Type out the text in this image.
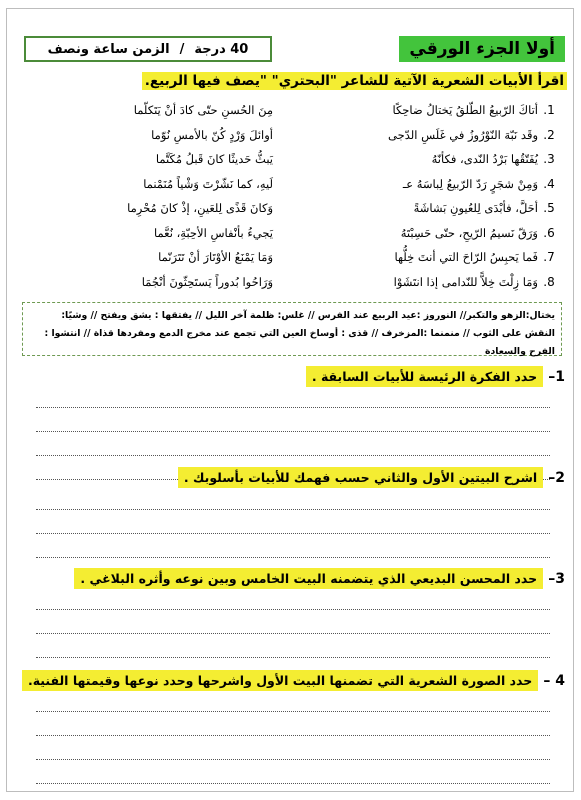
أولا الجزء الورقي
40 درجة
/
الزمن ساعة ونصف
اقرأ الأبيات الشعرية الآتية للشاعر "البحتري" "يصف فيها الربيع.
1.
أتاكَ الرّبيعُ الطّلقُ يَختالُ ضاحِكًا
مِنَ الحُسنِ حتّى كادَ أنْ يَتَكلّما
2.
وقَد نَبّهَ النّوْرُوزُ في غَلَسِ الدّجى
أوائلَ وَرْدٍ كُنّ بالأمسِ نُوّما
3.
يُفَتّقُها بَرْدُ النّدى، فكأنّهُ
يَبثُّ حَديثًا كانَ قَبلُ مُكَتَّما
4.
وَمِنْ شجَرٍ رَدّ الرّبيعُ لِباسَهُ عـ
لَيهِ، كما نَشّرْتَ وَشْياً مُنَمْنما
5.
أحَلَّ، فأبْدَى لِلعُيونِ بَشاشَةً
وَكانَ قَذًى لِلعَينِ، إذْ كانَ مُحْرِما
6.
وَرَقّ نَسيمُ الرّيحِ، حتّى حَسِبْتَهُ
يَجيءُ بأنْفاسِ الأحِبّةِ، نُعَّما
7.
فَما يَحبِسُ الرّاحَ التي أنتَ خِلُّها
وَمَا يَمْنَعُ الأوْتَارَ أنْ تَتَرَنّما
8.
وَمَا زِلْتَ خِلاًّ للنّدامى إذا انتَشَوْا
وَرَاحُوا بُدوراً يَستَحِثّونَ أنْجُمَا
يختال:الزهو والتكبر// النوروز :عيد الربيع عند الفرس // غلس: ظلمة آخر الليل // يفتقها : يشق ويفتح // وشيًا: النقش على الثوب // منمنما :المزخرف // قذى : أوساخ العين التي تجمع عند مخرج الدمع ومفردها قذاة // انتشوا : الفرح والسعادة
1– حدد الفكرة الرئيسة للأبيات السابقة .
2– اشرح البيتين الأول والثاني حسب فهمك للأبيات بأسلوبك .
3– حدد المحسن البديعي الذي يتضمنه البيت الخامس وبين نوعه وأثره البلاغي .
4 – حدد الصورة الشعرية التي تضمنها البيت الأول واشرحها وحدد نوعها وقيمتها الفنية.
